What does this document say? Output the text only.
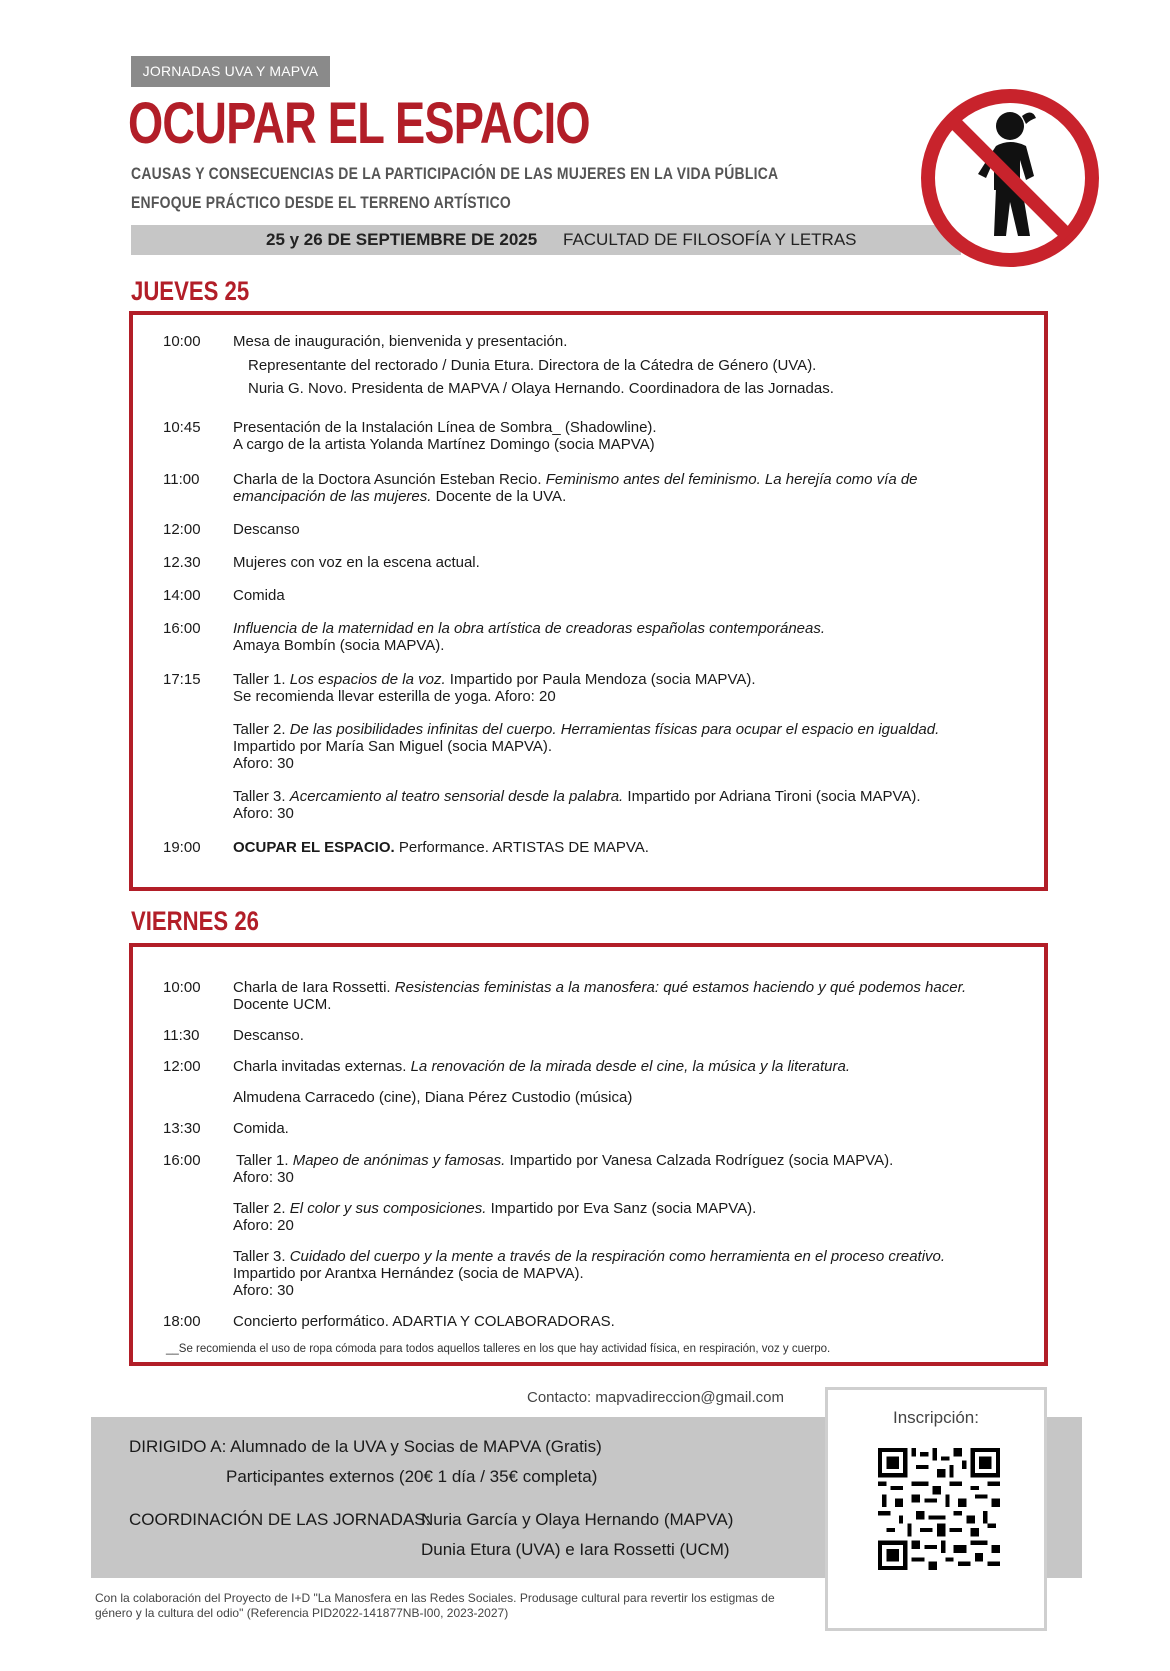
JORNADAS UVA Y MAPVA
OCUPAR EL ESPACIO
CAUSAS Y CONSECUENCIAS DE LA PARTICIPACIÓN DE LAS MUJERES EN LA VIDA PÚBLICA
ENFOQUE PRÁCTICO DESDE EL TERRENO ARTÍSTICO
25 y 26 DE SEPTIEMBRE DE 2025 FACULTAD DE FILOSOFÍA Y LETRAS
JUEVES 25
10:00 Mesa de inauguración, bienvenida y presentación.
Representante del rectorado / Dunia Etura. Directora de la Cátedra de Género (UVA).
Nuria G. Novo. Presidenta de MAPVA / Olaya Hernando. Coordinadora de las Jornadas.
10:45 Presentación de la Instalación Línea de Sombra_ (Shadowline).
A cargo de la artista Yolanda Martínez Domingo (socia MAPVA)
11:00 Charla de la Doctora Asunción Esteban Recio. Feminismo antes del feminismo. La herejía como vía de emancipación de las mujeres. Docente de la UVA.
12:00 Descanso
12.30 Mujeres con voz en la escena actual.
14:00 Comida
16:00 Influencia de la maternidad en la obra artística de creadoras españolas contemporáneas.
Amaya Bombín (socia MAPVA).
17:15 Taller 1. Los espacios de la voz. Impartido por Paula Mendoza (socia MAPVA).
Se recomienda llevar esterilla de yoga. Aforo: 20
Taller 2. De las posibilidades infinitas del cuerpo. Herramientas físicas para ocupar el espacio en igualdad.
Impartido por María San Miguel (socia MAPVA).
Aforo: 30
Taller 3. Acercamiento al teatro sensorial desde la palabra. Impartido por Adriana Tironi (socia MAPVA).
Aforo: 30
19:00 OCUPAR EL ESPACIO. Performance. ARTISTAS DE MAPVA.
VIERNES 26
10:00 Charla de Iara Rossetti. Resistencias feministas a la manosfera: qué estamos haciendo y qué podemos hacer.
Docente UCM.
11:30 Descanso.
12:00 Charla invitadas externas. La renovación de la mirada desde el cine, la música y la literatura.
Almudena Carracedo (cine), Diana Pérez Custodio (música)
13:30 Comida.
16:00 Taller 1. Mapeo de anónimas y famosas. Impartido por Vanesa Calzada Rodríguez (socia MAPVA).
Aforo: 30
Taller 2. El color y sus composiciones. Impartido por Eva Sanz (socia MAPVA).
Aforo: 20
Taller 3. Cuidado del cuerpo y la mente a través de la respiración como herramienta en el proceso creativo.
Impartido por Arantxa Hernández (socia de MAPVA).
Aforo: 30
18:00 Concierto performático. ADARTIA Y COLABORADORAS.
__Se recomienda el uso de ropa cómoda para todos aquellos talleres en los que hay actividad física, en respiración, voz y cuerpo.
Contacto: mapvadireccion@gmail.com
DIRIGIDO A: Alumnado de la UVA y Socias de MAPVA (Gratis)
Participantes externos (20€ 1 día / 35€ completa)
COORDINACIÓN DE LAS JORNADAS:
Nuria García y Olaya Hernando (MAPVA)
Dunia Etura (UVA) e Iara Rossetti (UCM)
Inscripción:
Con la colaboración del Proyecto de I+D "La Manosfera en las Redes Sociales. Produsage cultural para revertir los estigmas de género y la cultura del odio" (Referencia PID2022-141877NB-I00, 2023-2027)
